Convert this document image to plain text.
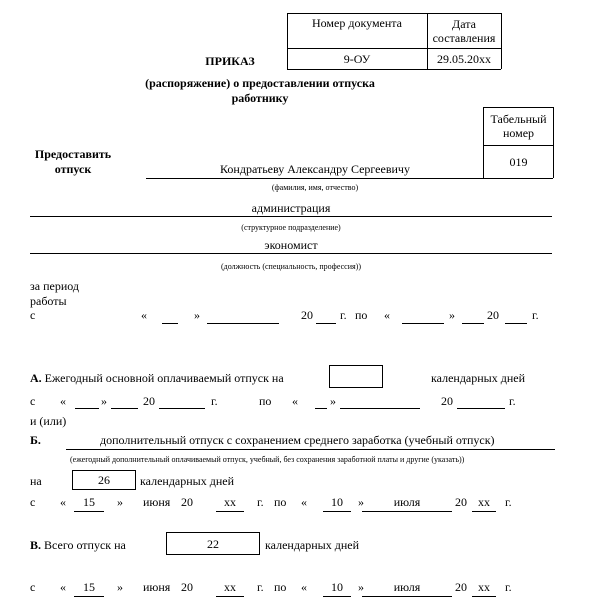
Номер документа	Дата составления
9-ОУ	29.05.20xx
ПРИКАЗ
(распоряжение) о предоставлении отпуска
работнику
Табельный номер
019
Предоставить отпуск	Кондратьеву Александру Сергеевичу
(фамилия, имя, отчество)
администрация
(структурное подразделение)
экономист
(должность (специальность, профессия))
за период
работы
с	«	»	20 г. по «	»	20	г.
А. Ежегодный основной оплачиваемый отпуск на	календарных дней
с «	»	20	г.	по «	»	20	г.
и (или)
Б.	дополнительный отпуск с сохранением среднего заработка (учебный отпуск)
(ежегодный дополнительный оплачиваемый отпуск, учебный, без сохранения заработной платы и другие (указать))
на	26	календарных дней
с «	15	» июня 20	хх	г. по «	10	»	июля	20 хх	г.
В. Всего отпуск на	22	календарных дней
с «	15	» июня 20	хх	г. по «	10	»	июля	20 хх	г.
